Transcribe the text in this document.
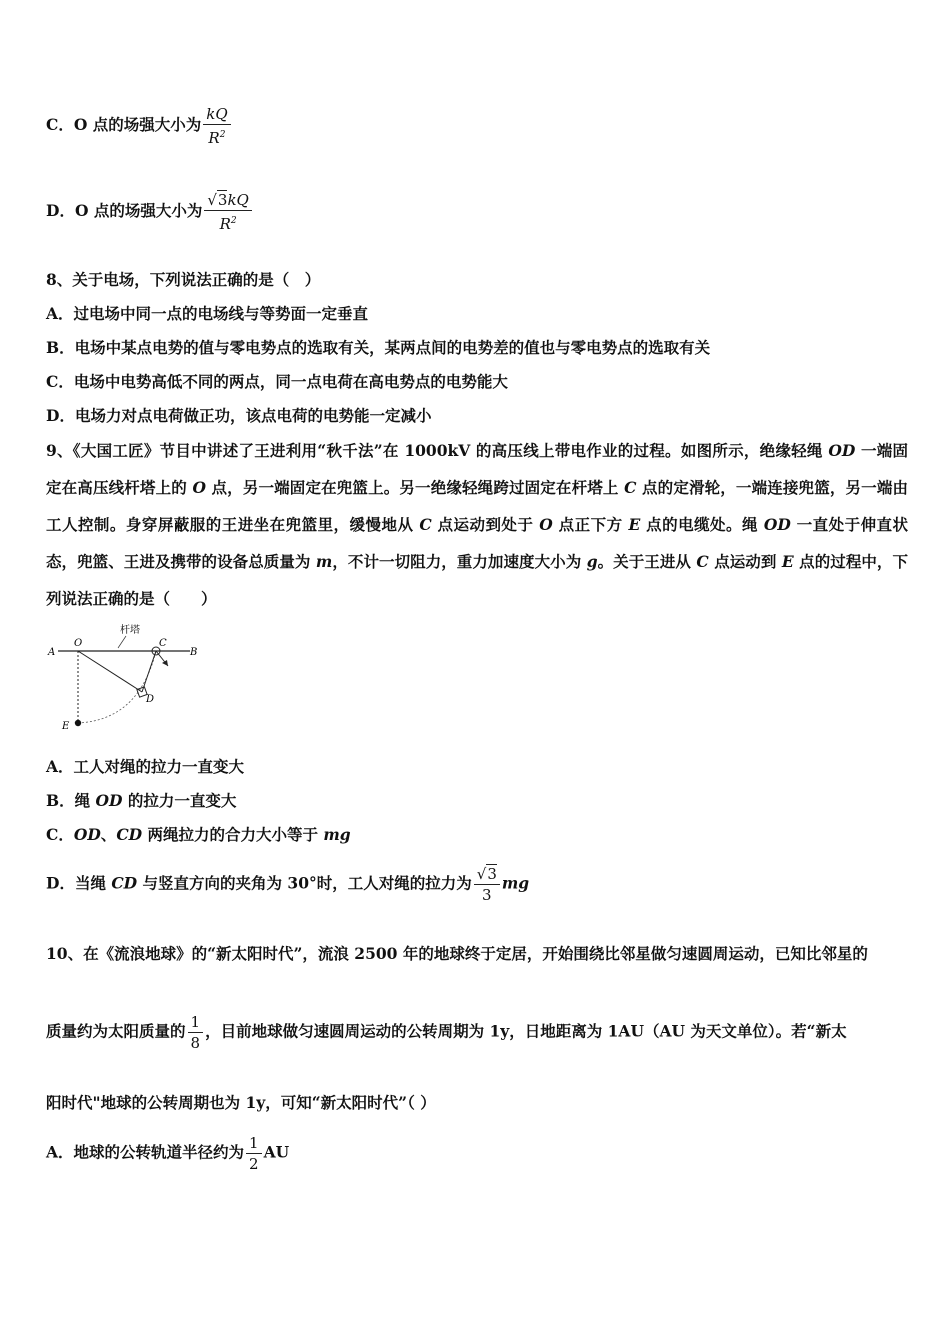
C．O 点的场强大小为 $\frac{kQ}{R^2}$
D．O 点的场强大小为 $\frac{√3kQ}{R^2}$
8、关于电场，下列说法正确的是（　）
A．过电场中同一点的电场线与等势面一定垂直
B．电场中某点电势的值与零电势点的选取有关，某两点间的电势差的值也与零电势点的选取有关
C．电场中电势高低不同的两点，同一点电荷在高电势点的电势能大
D．电场力对点电荷做正功，该点电荷的电势能一定减小
9、《大国工匠》节目中讲述了王进利用“秋千法”在 1000kV 的高压线上带电作业的过程。如图所示，绝缘轻绳 OD 一端固定在高压线杆塔上的 O 点，另一端固定在兜篮上。另一绝缘轻绳跨过固定在杆塔上 C 点的定滑轮，一端连接兜篮，另一端由工人控制。身穿屏蔽服的王进坐在兜篮里，缓慢地从 C 点运动到处于 O 点正下方 E 点的电缆处。绳 OD 一直处于伸直状态，兜篮、王进及携带的设备总质量为 m，不计一切阻力，重力加速度大小为 g。关于王进从 C 点运动到 E 点的过程中，下列说法正确的是（　　）
杆塔
A
O	C
B
D
E
A．工人对绳的拉力一直变大
B．绳 OD 的拉力一直变大
C．OD、CD 两绳拉力的合力大小等于 mg
D．当绳 CD 与竖直方向的夹角为 30°时，工人对绳的拉力为 $\frac{√3}{3}$ mg
10、在《流浪地球》的“新太阳时代”，流浪 2500 年的地球终于定居，开始围绕比邻星做匀速圆周运动，已知比邻星的
质量约为太阳质量的 $\frac{1}{8}$ ，目前地球做匀速圆周运动的公转周期为 1y，日地距离为 1AU（AU 为天文单位）。若“新太
阳时代"地球的公转周期也为 1y，可知“新太阳时代”（ ）
A．地球的公转轨道半径约为 $\frac{1}{2}$ AU
